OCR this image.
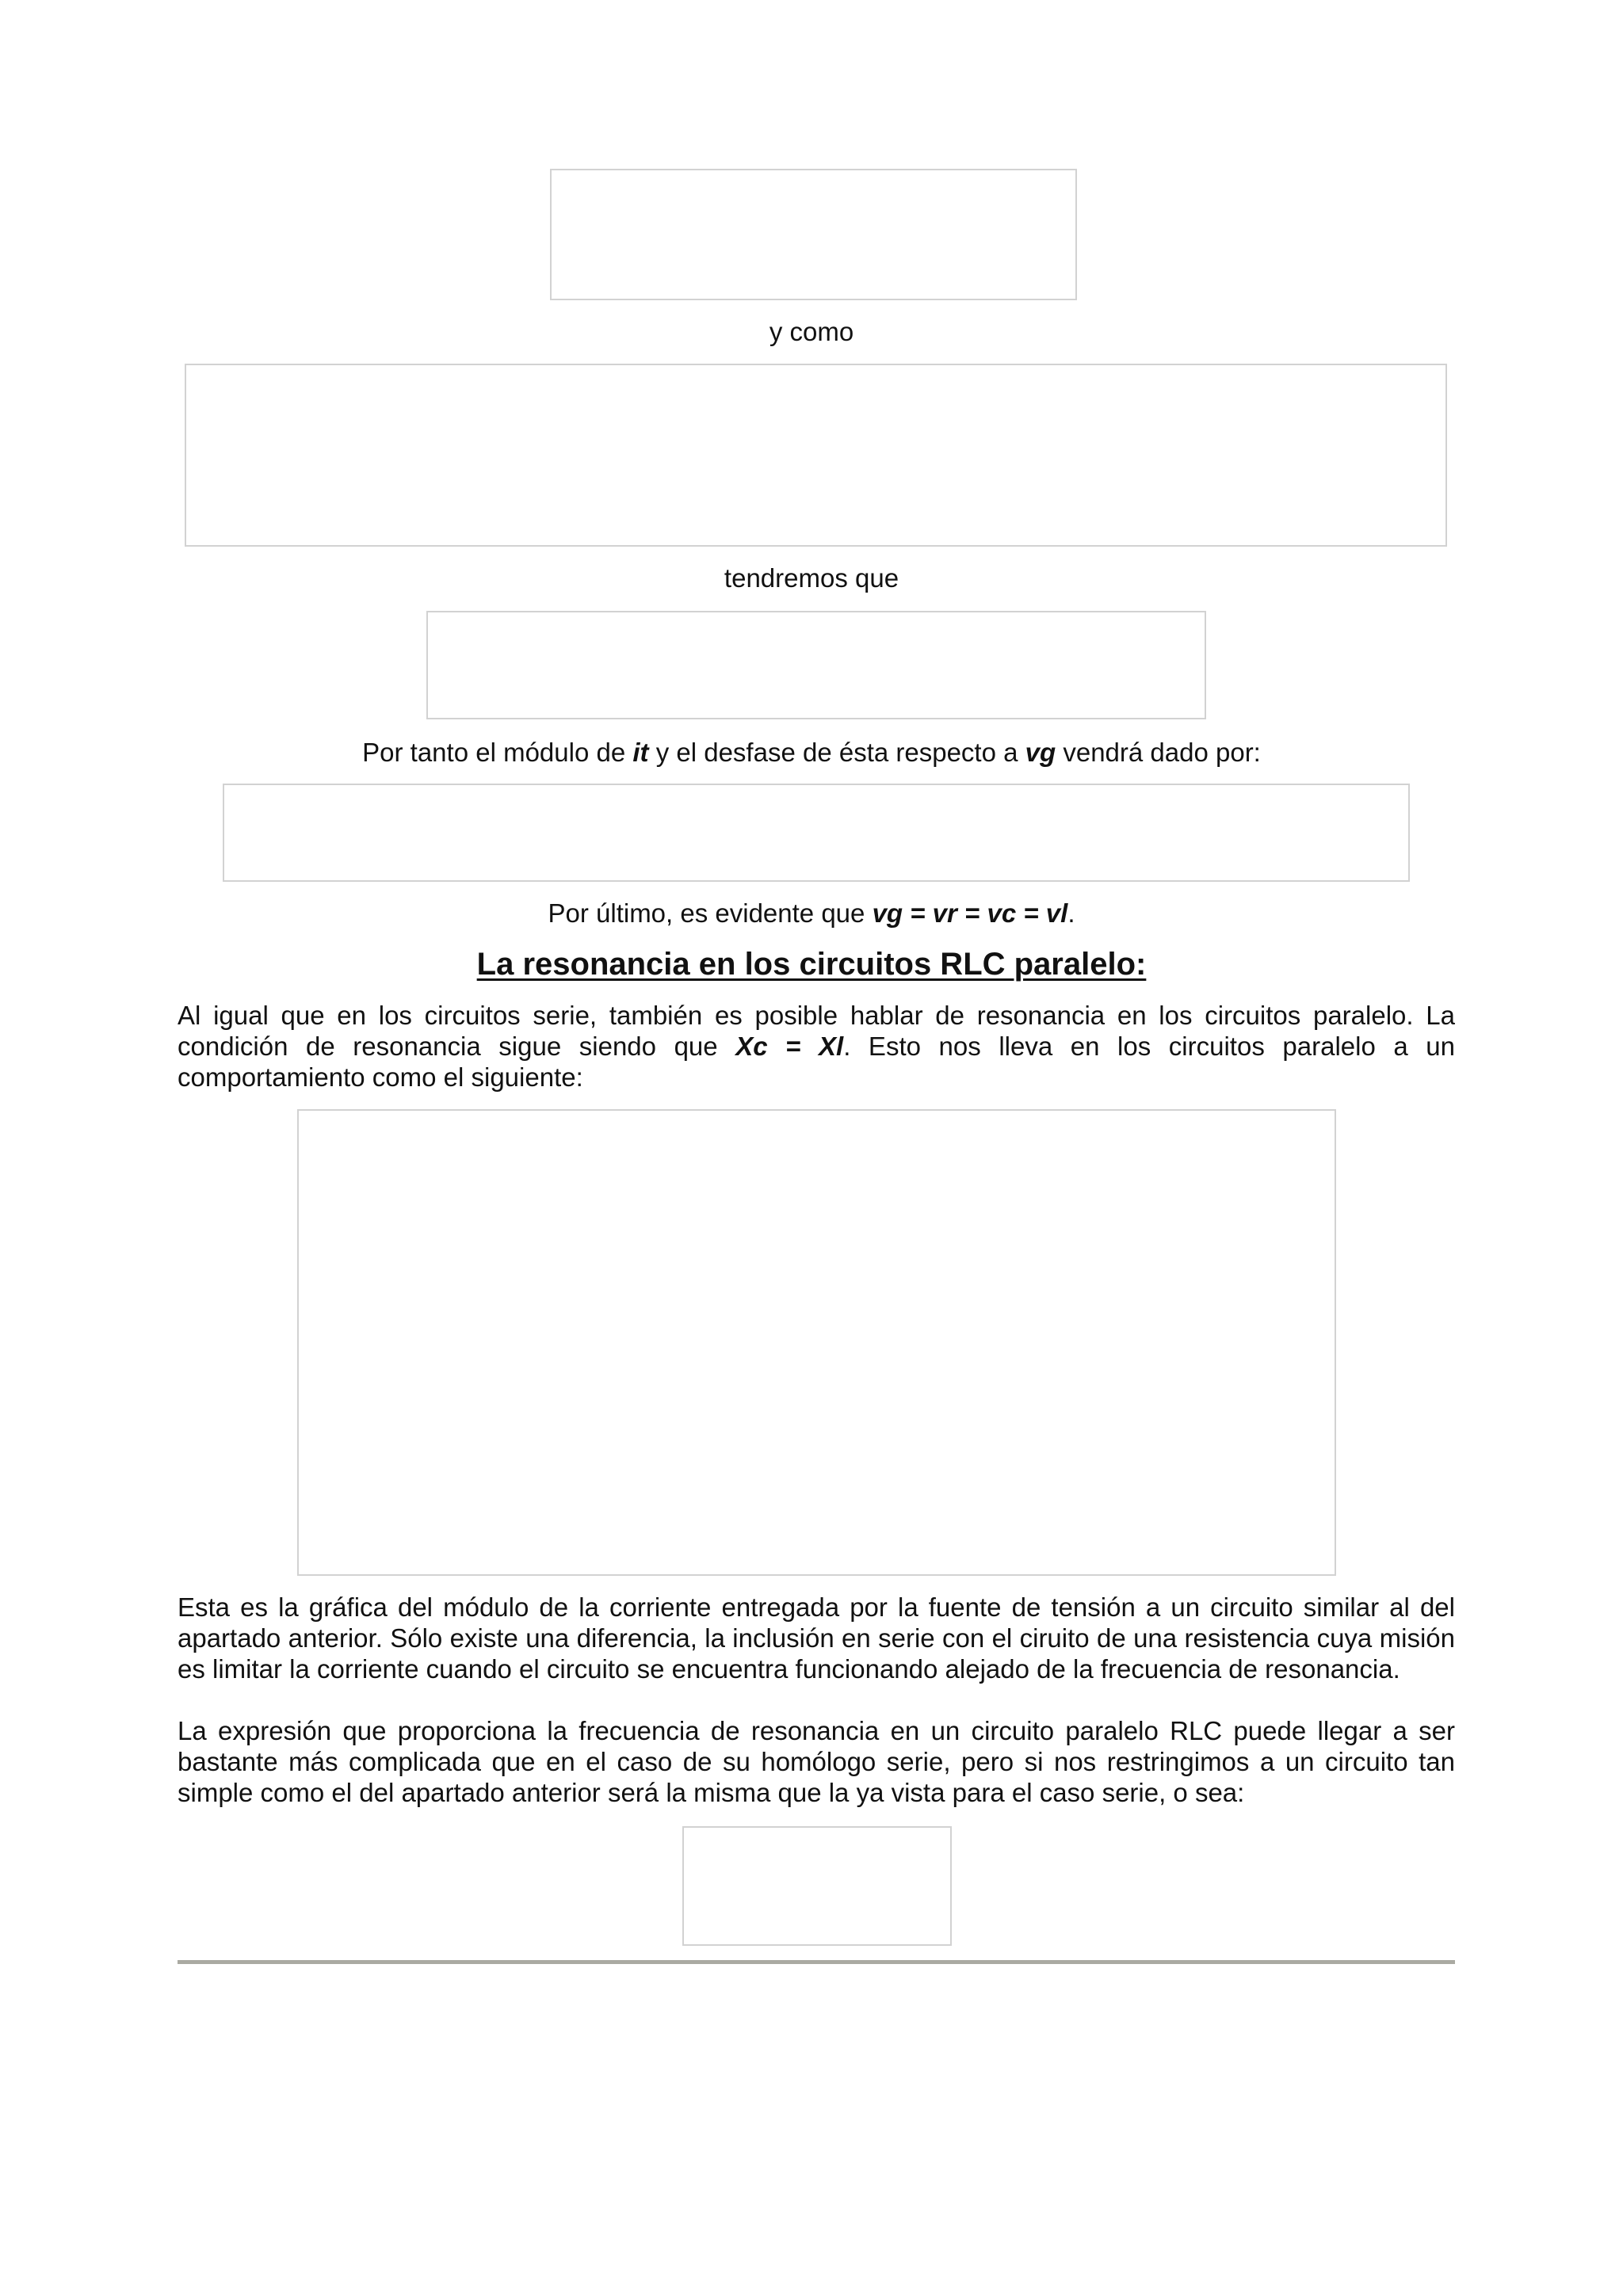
y como
tendremos que
Por tanto el módulo de it y el desfase de ésta respecto a vg vendrá dado por:
Por último, es evidente que vg = vr = vc = vl.
La resonancia en los circuitos RLC paralelo:
Al igual que en los circuitos serie, también es posible hablar de resonancia en los circuitos paralelo. La condición de resonancia sigue siendo que Xc = Xl. Esto nos lleva en los circuitos paralelo a un comportamiento como el siguiente:
Esta es la gráfica del módulo de la corriente entregada por la fuente de tensión a un circuito similar al del apartado anterior. Sólo existe una diferencia, la inclusión en serie con el ciruito de una resistencia cuya misión es limitar la corriente cuando el circuito se encuentra funcionando alejado de la frecuencia de resonancia.
La expresión que proporciona la frecuencia de resonancia en un circuito paralelo RLC puede llegar a ser bastante más complicada que en el caso de su homólogo serie, pero si nos restringimos a un circuito tan simple como el del apartado anterior será la misma que la ya vista para el caso serie, o sea:
